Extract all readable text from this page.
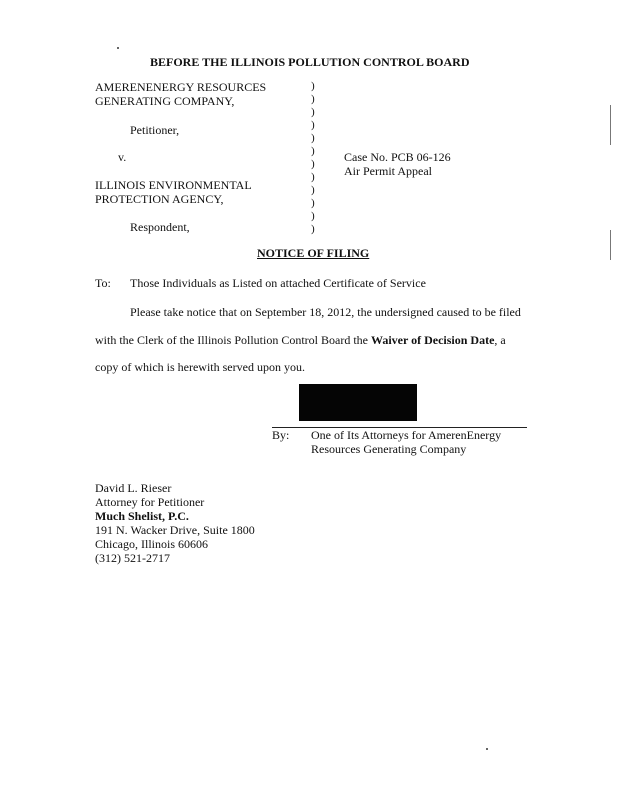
BEFORE THE ILLINOIS POLLUTION CONTROL BOARD
AMERENENERGY RESOURCES
GENERATING COMPANY,
Petitioner,
v.
ILLINOIS ENVIRONMENTAL
PROTECTION AGENCY,
Respondent,
)
)
)
)
)
)
)
)
)
)
)
)
Case No. PCB 06-126
Air Permit Appeal
NOTICE OF FILING
To: Those Individuals as Listed on attached Certificate of Service
Please take notice that on September 18, 2012, the undersigned caused to be filed
with the Clerk of the Illinois Pollution Control Board the Waiver of Decision Date, a
copy of which is herewith served upon you.
By: One of Its Attorneys for AmerenEnergy
Resources Generating Company
David L. Rieser
Attorney for Petitioner
Much Shelist, P.C.
191 N. Wacker Drive, Suite 1800
Chicago, Illinois 60606
(312) 521-2717
